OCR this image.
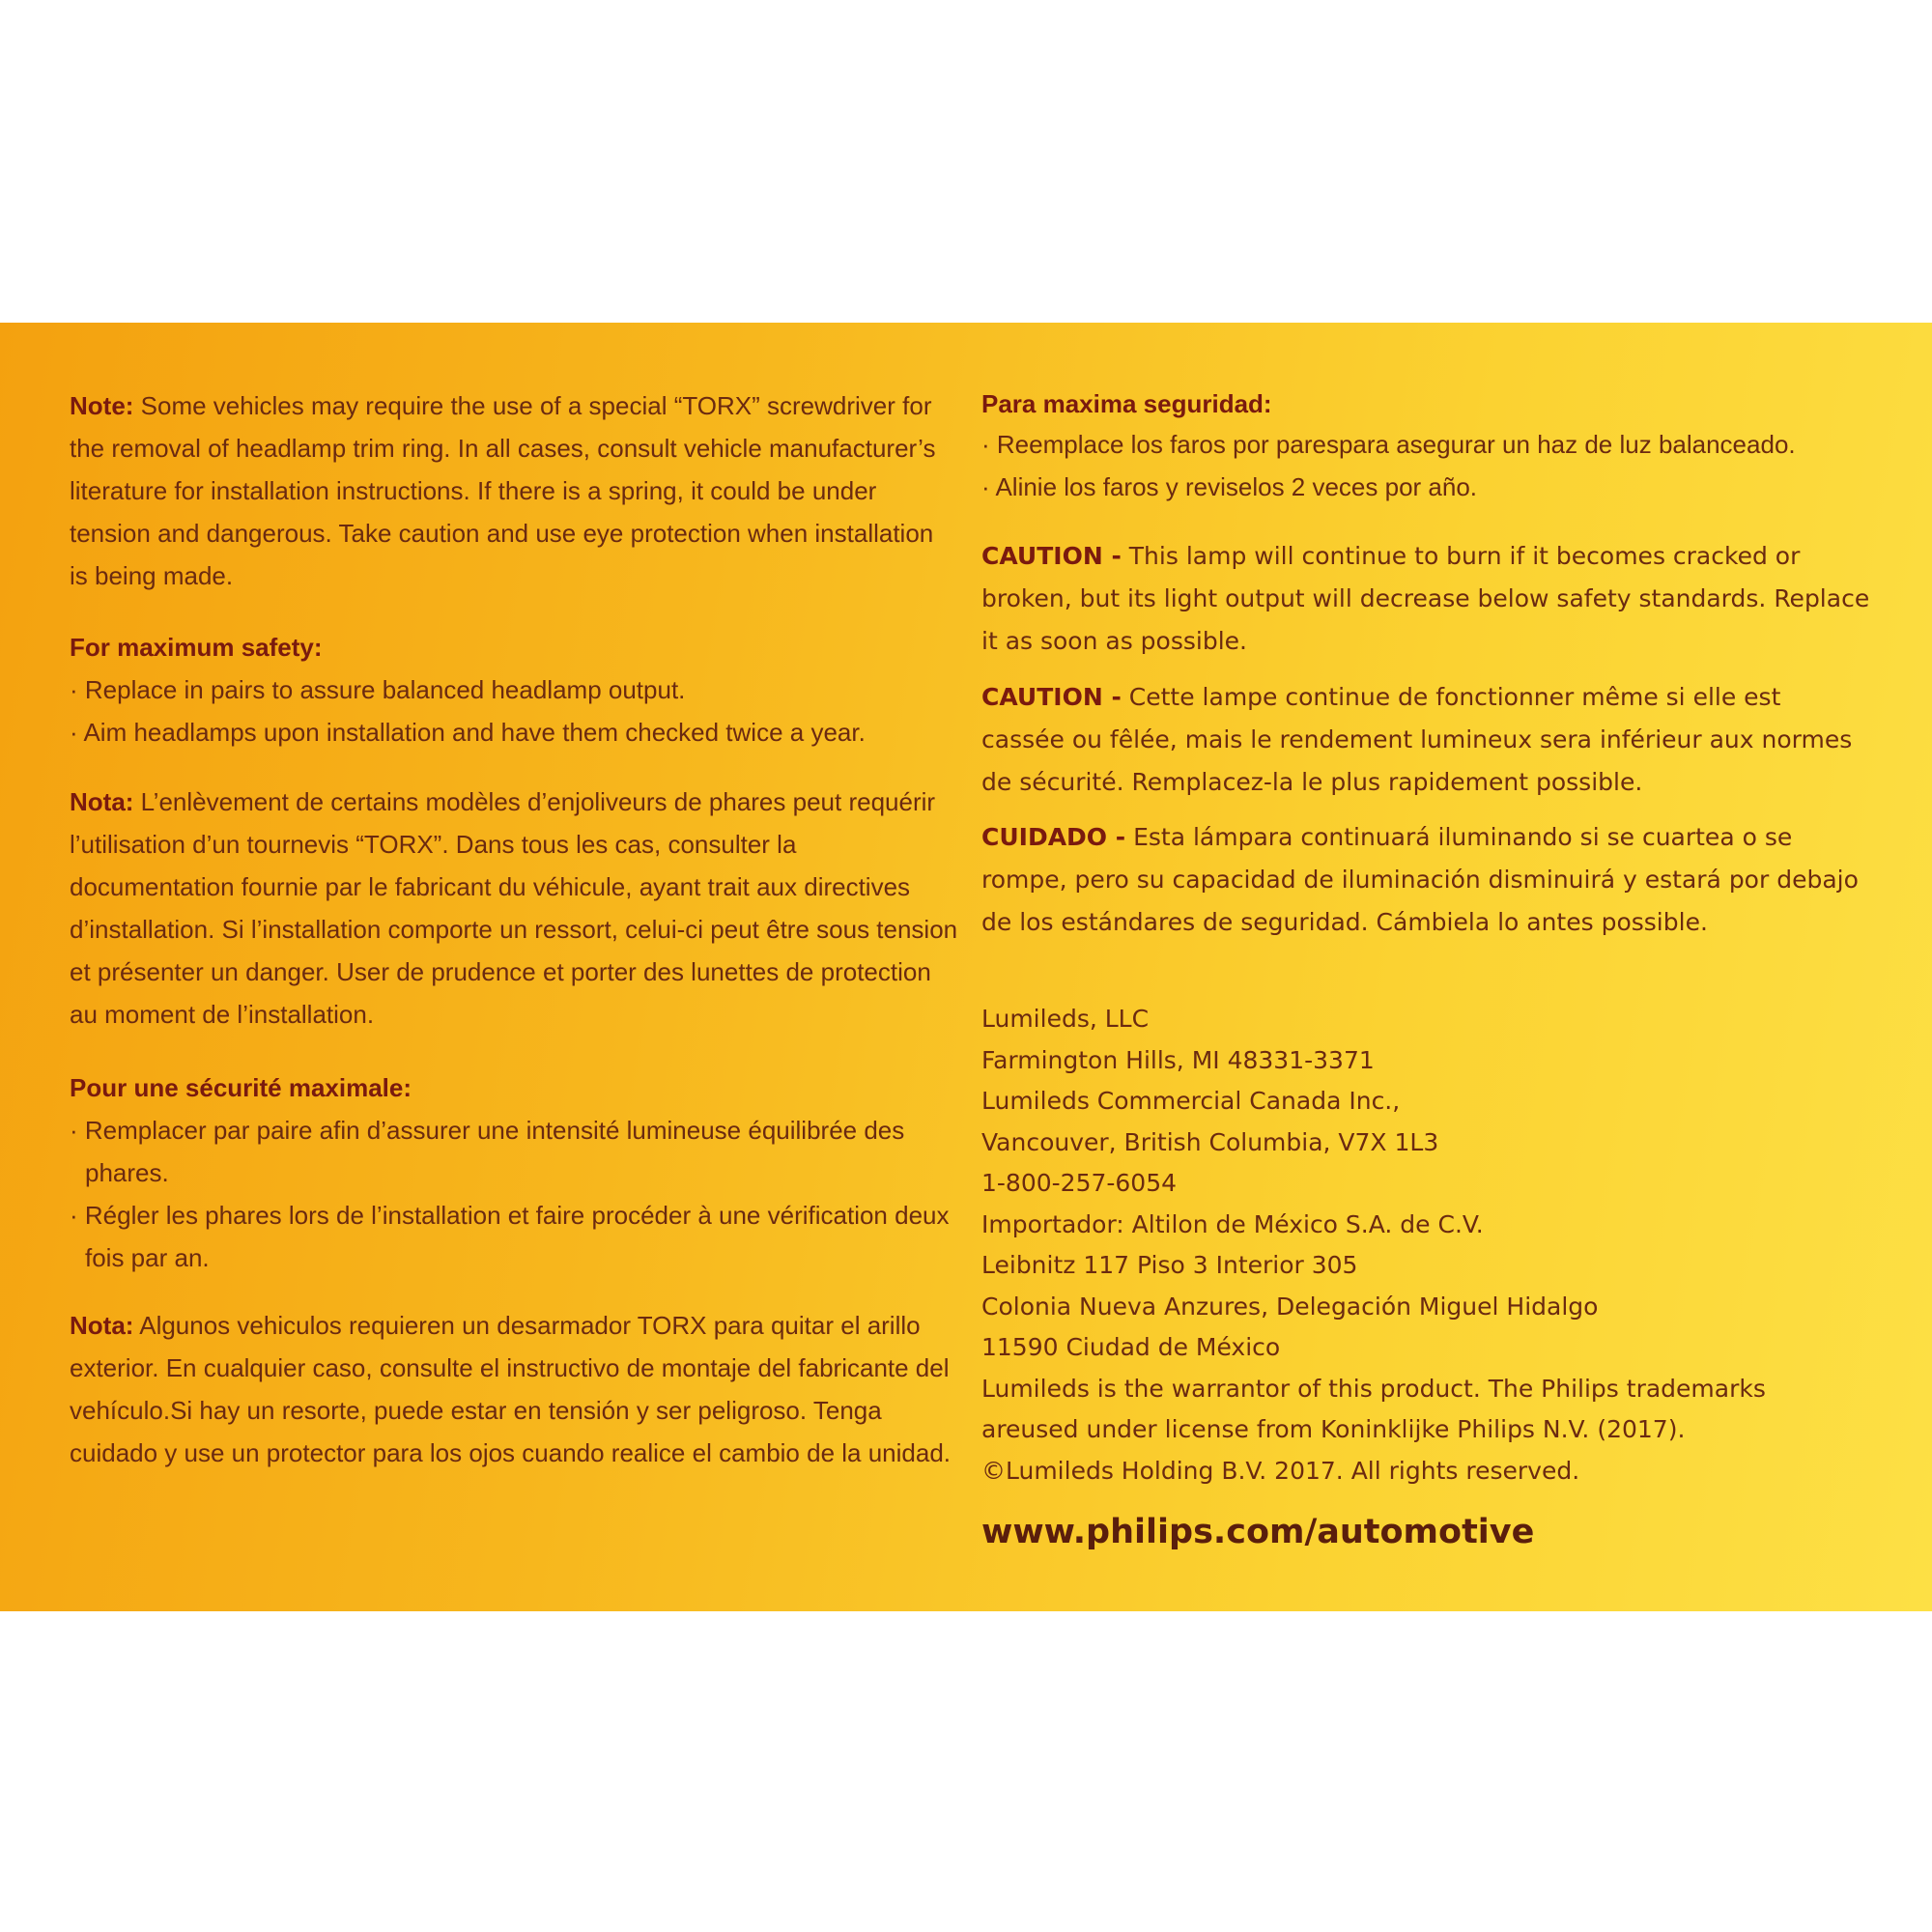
Note: Some vehicles may require the use of a special “TORX” screwdriver for the removal of headlamp trim ring. In all cases, consult vehicle manufacturer’s literature for installation instructions. If there is a spring, it could be under tension and dangerous. Take caution and use eye protection when installation is being made.

For maximum safety:

· Replace in pairs to assure balanced headlamp output.
· Aim headlamps upon installation and have them checked twice a year.

Nota: L’enlèvement de certains modèles d’enjoliveurs de phares peut requérir l’utilisation d’un tournevis “TORX”. Dans tous les cas, consulter la documentation fournie par le fabricant du véhicule, ayant trait aux directives d’installation. Si l’installation comporte un ressort, celui-ci peut être sous tension et présenter un danger. User de prudence et porter des lunettes de protection au moment de l’installation.

Pour une sécurité maximale:

· Remplacer par paire afin d’assurer une intensité lumineuse équilibrée des phares.
· Régler les phares lors de l’installation et faire procéder à une vérification deux fois par an.

Nota: Algunos vehiculos requieren un desarmador TORX para quitar el arillo exterior. En cualquier caso, consulte el instructivo de montaje del fabricante del vehículo.Si hay un resorte, puede estar en tensión y ser peligroso. Tenga cuidado y use un protector para los ojos cuando realice el cambio de la unidad.

Para maxima seguridad:

· Reemplace los faros por parespara asegurar un haz de luz balanceado.
· Alinie los faros y reviselos 2 veces por año.

CAUTION - This lamp will continue to burn if it becomes cracked or broken, but its light output will decrease below safety standards. Replace it as soon as possible.

CAUTION - Cette lampe continue de fonctionner même si elle est cassée ou fêlée, mais le rendement lumineux sera inférieur aux normes de sécurité. Remplacez-la le plus rapidement possible.

CUIDADO - Esta lámpara continuará iluminando si se cuartea o se rompe, pero su capacidad de iluminación disminuirá y estará por debajo de los estándares de seguridad. Cámbiela lo antes possible.

Lumileds, LLC
Farmington Hills, MI 48331-3371
Lumileds Commercial Canada Inc.,
Vancouver, British Columbia, V7X 1L3
1-800-257-6054
Importador: Altilon de México S.A. de C.V.
Leibnitz 117 Piso 3 Interior 305
Colonia Nueva Anzures, Delegación Miguel Hidalgo
11590 Ciudad de México
Lumileds is the warrantor of this product. The Philips trademarks
areused under license from Koninklijke Philips N.V. (2017).
©Lumileds Holding B.V. 2017. All rights reserved.
www.philips.com/automotive
